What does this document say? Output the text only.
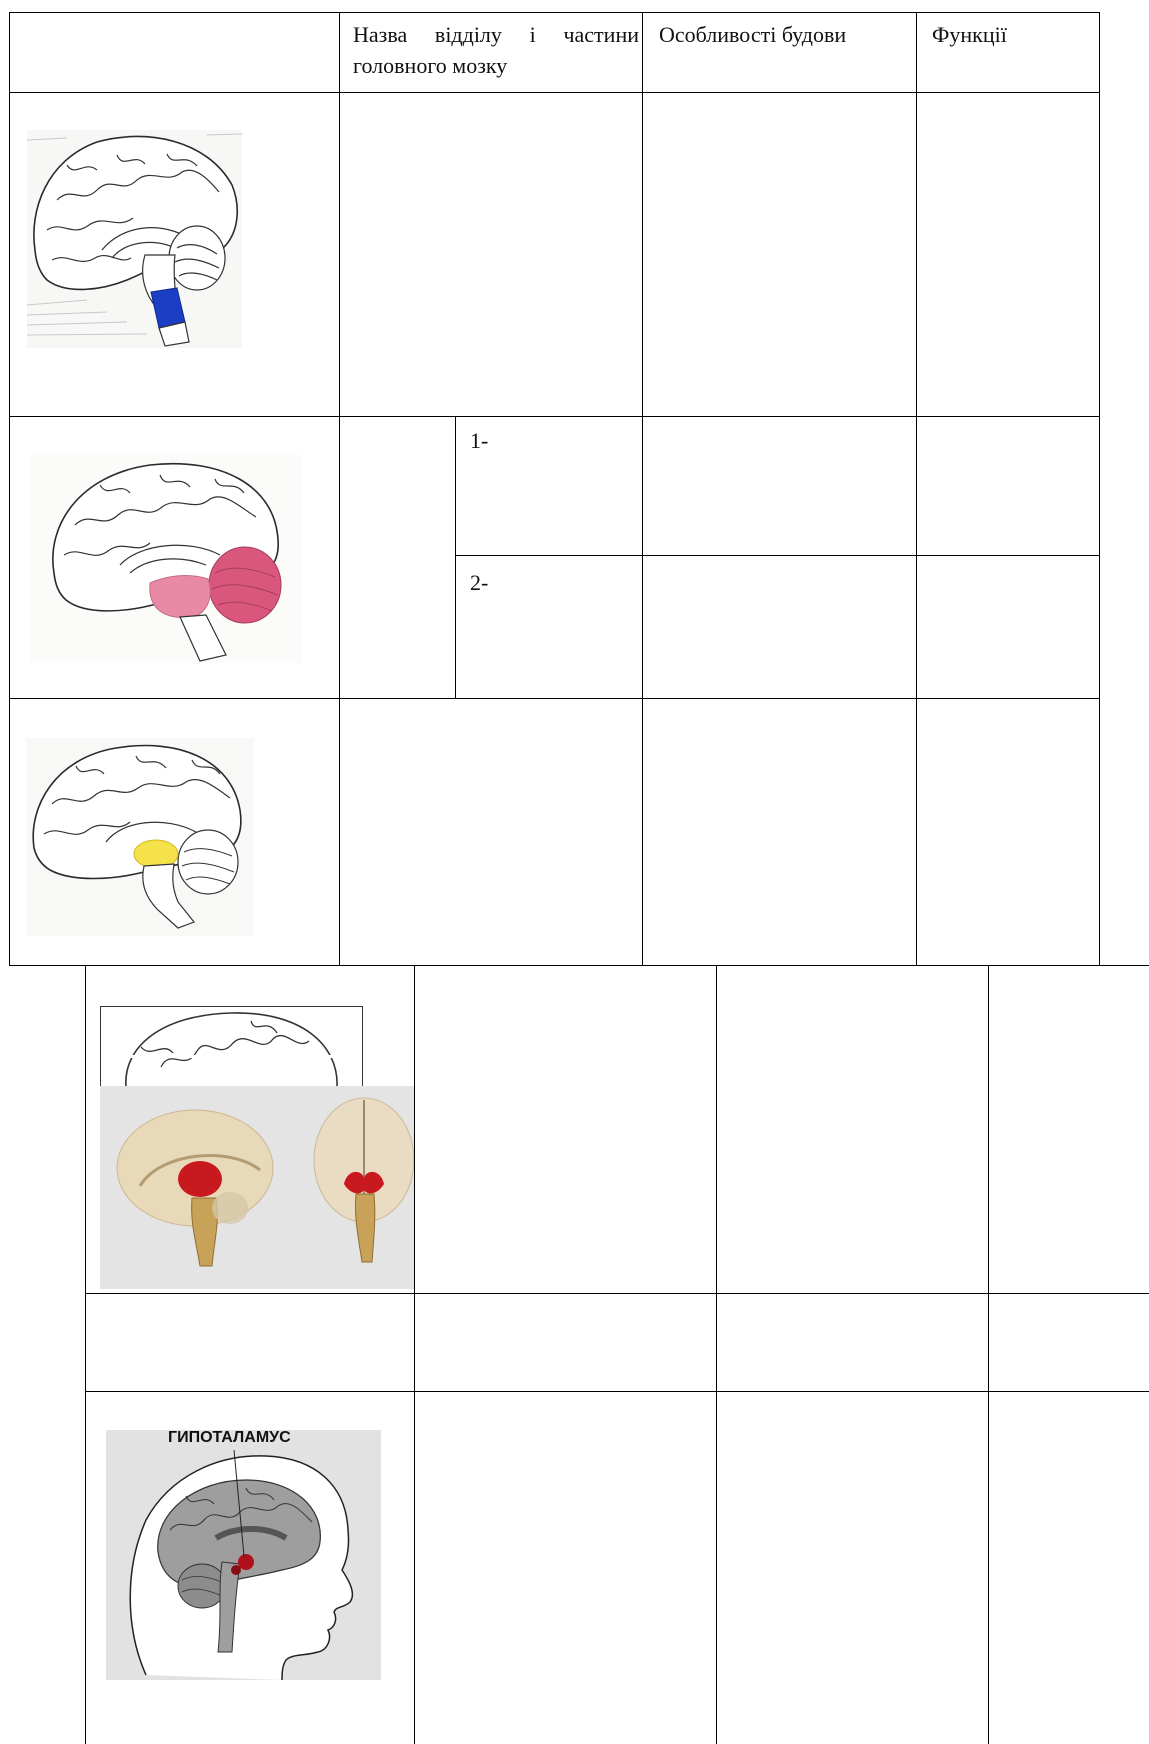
Назва відділу і частини головного мозку
Особливості будови	Функції
1-
2-
ГИПОТАЛАМУС
